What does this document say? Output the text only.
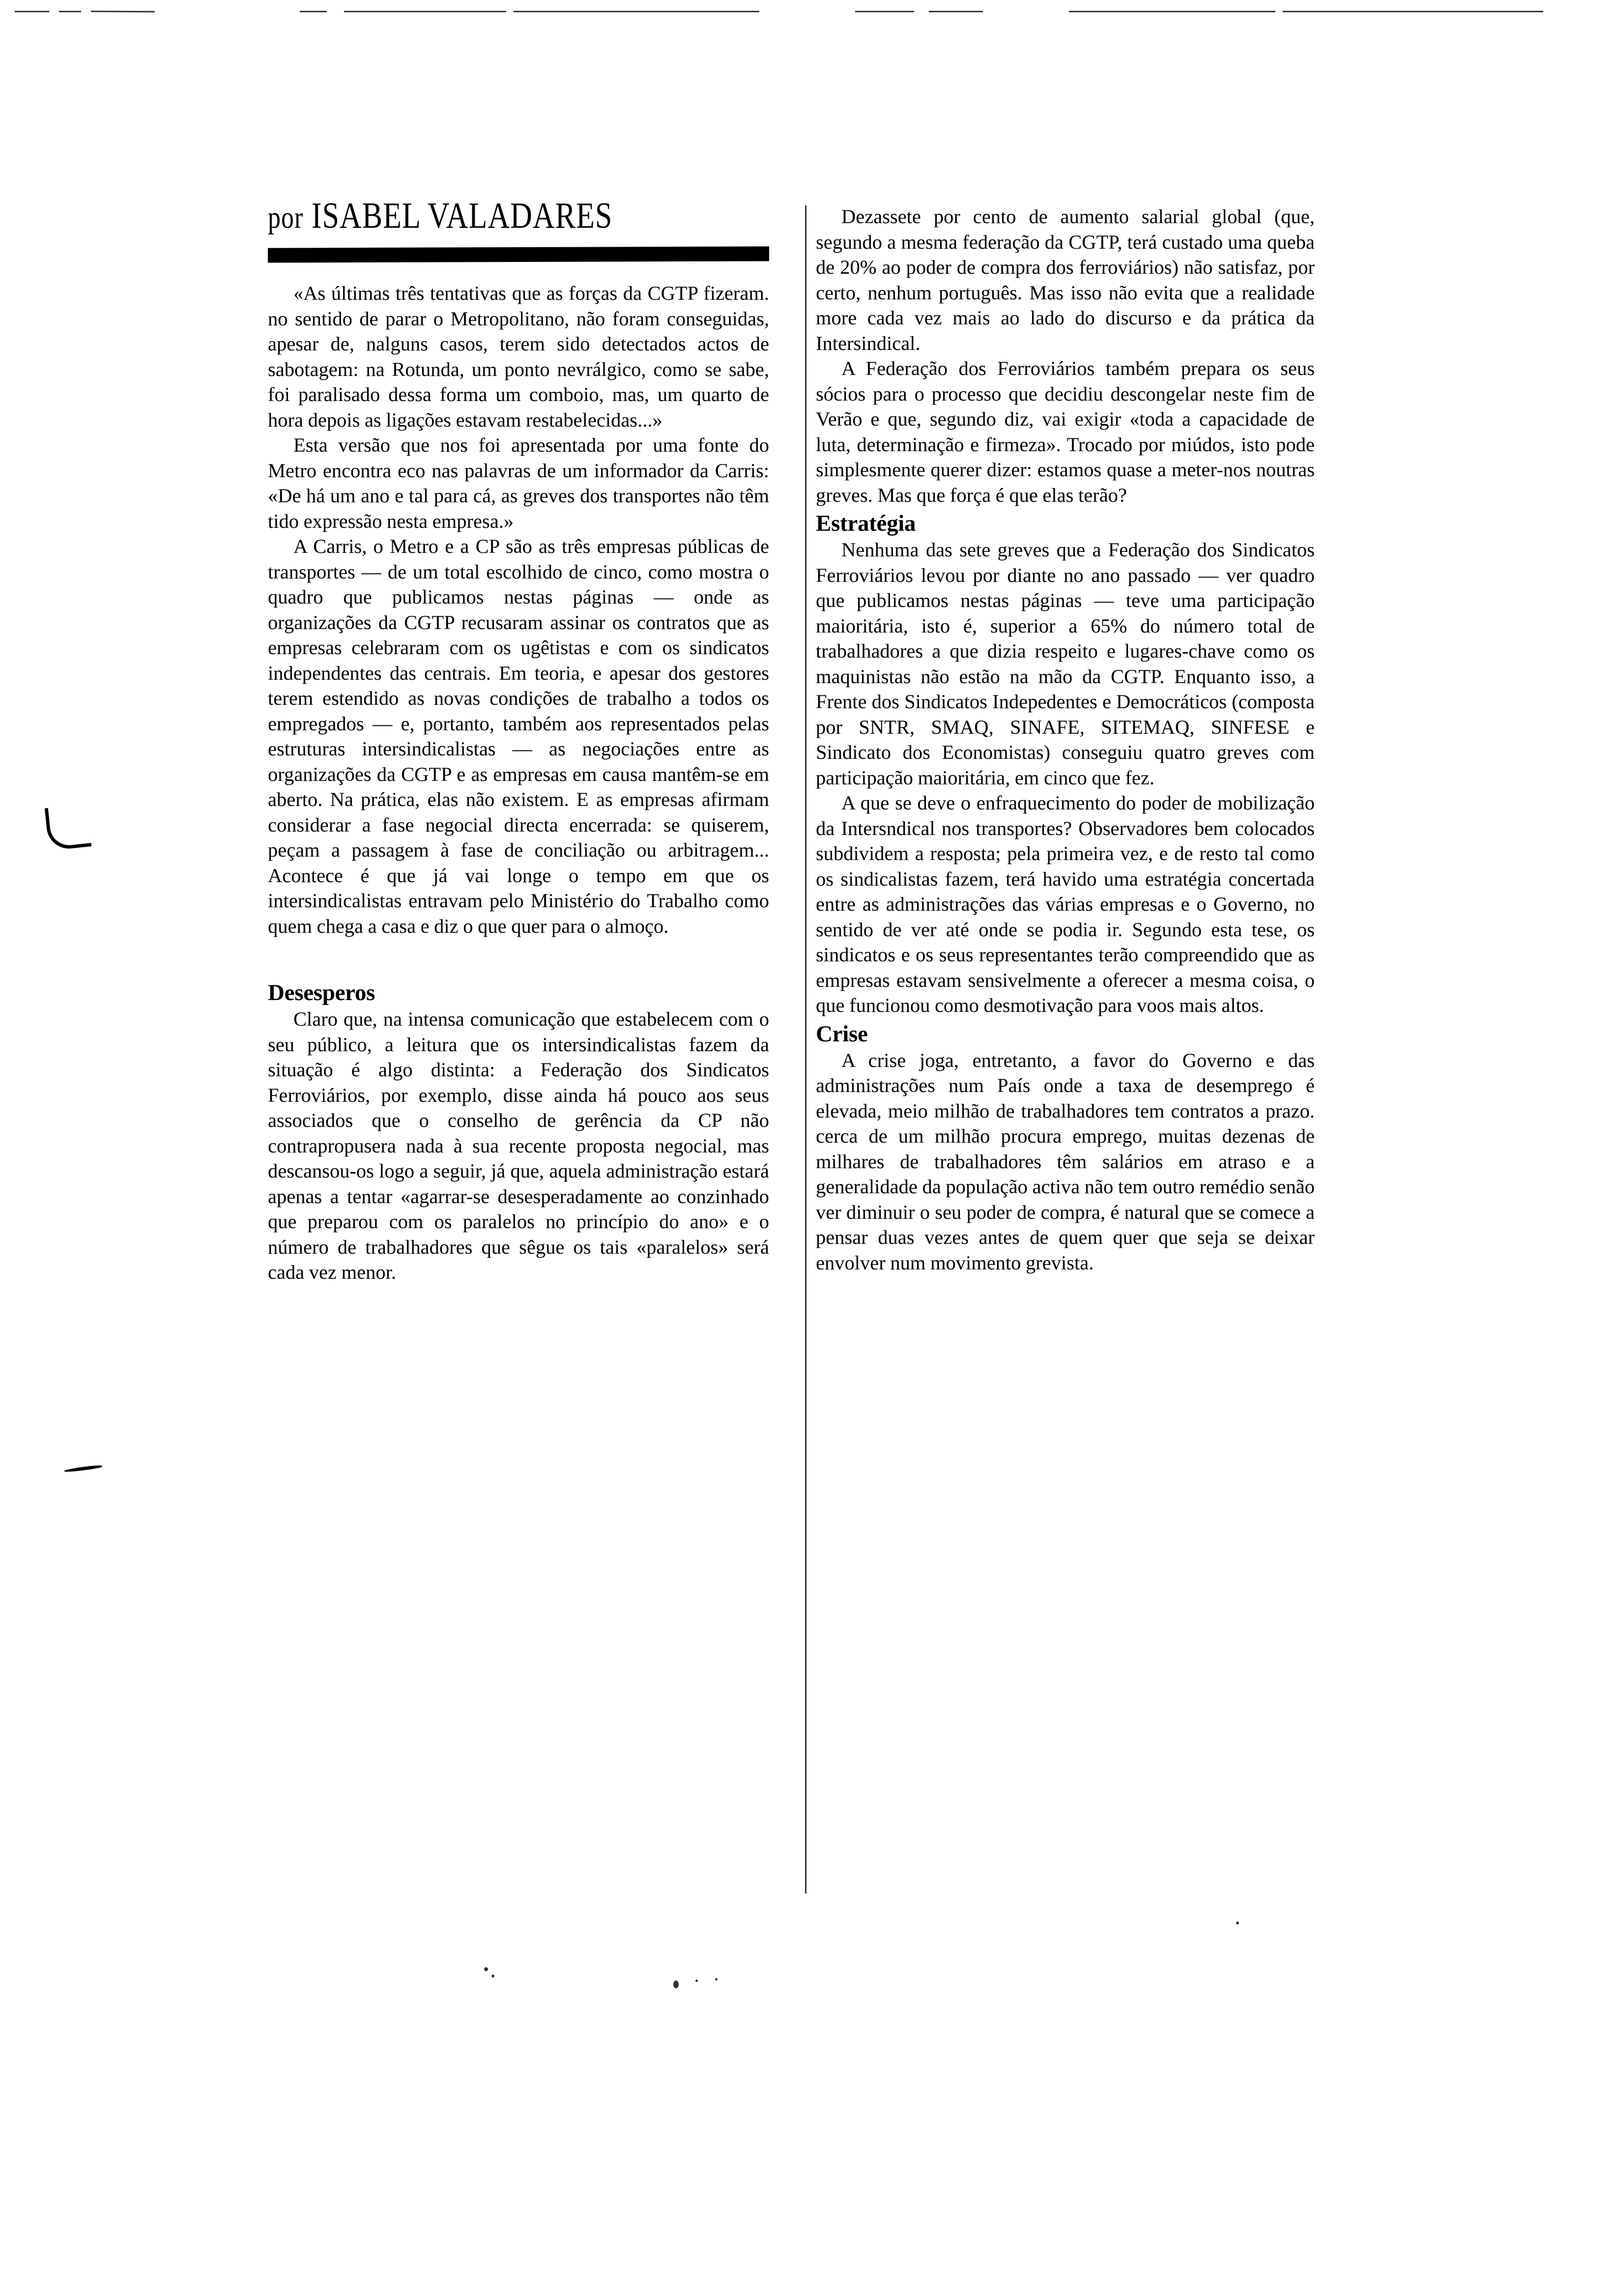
por ISABEL VALADARES

«As últimas três tentativas que as forças da CGTP fizeram. no sentido de parar o Metropolitano, não foram conseguidas, apesar de, nalguns casos, terem sido detectados actos de sabotagem: na Rotunda, um ponto nevrálgico, como se sabe, foi paralisado dessa forma um comboio, mas, um quarto de hora depois as ligações estavam restabelecidas...»

Esta versão que nos foi apresentada por uma fonte do Metro encontra eco nas palavras de um informador da Carris: «De há um ano e tal para cá, as greves dos transportes não têm tido expressão nesta empresa.»

A Carris, o Metro e a CP são as três empresas públicas de transportes — de um total escolhido de cinco, como mostra o quadro que publicamos nestas páginas — onde as organizações da CGTP recusaram assinar os contratos que as empresas celebraram com os ugêtistas e com os sindicatos independentes das centrais. Em teoria, e apesar dos gestores terem estendido as novas condições de trabalho a todos os empregados — e, portanto, também aos representados pelas estruturas intersindicalistas — as negociações entre as organizações da CGTP e as empresas em causa mantêm-se em aberto. Na prática, elas não existem. E as empresas afirmam considerar a fase negocial directa encerrada: se quiserem, peçam a passagem à fase de conciliação ou arbitragem... Acontece é que já vai longe o tempo em que os intersindicalistas entravam pelo Ministério do Trabalho como quem chega a casa e diz o que quer para o almoço.

Desesperos

Claro que, na intensa comunicação que estabelecem com o seu público, a leitura que os intersindicalistas fazem da situação é algo distinta: a Federação dos Sindicatos Ferroviários, por exemplo, disse ainda há pouco aos seus associados que o conselho de gerência da CP não contrapropusera nada à sua recente proposta negocial, mas descansou-os logo a seguir, já que, aquela administração estará apenas a tentar «agarrar-se desesperadamente ao conzinhado que preparou com os paralelos no princípio do ano» e o número de trabalhadores que sêgue os tais «paralelos» será cada vez menor.

Dezassete por cento de aumento salarial global (que, segundo a mesma federação da CGTP, terá custado uma queba de 20% ao poder de compra dos ferroviários) não satisfaz, por certo, nenhum português. Mas isso não evita que a realidade more cada vez mais ao lado do discurso e da prática da Intersindical.

A Federação dos Ferroviários também prepara os seus sócios para o processo que decidiu descongelar neste fim de Verão e que, segundo diz, vai exigir «toda a capacidade de luta, determinação e firmeza». Trocado por miúdos, isto pode simplesmente querer dizer: estamos quase a meter-nos noutras greves. Mas que força é que elas terão?

Estratégia

Nenhuma das sete greves que a Federação dos Sindicatos Ferroviários levou por diante no ano passado — ver quadro que publicamos nestas páginas — teve uma participação maioritária, isto é, superior a 65% do número total de trabalhadores a que dizia respeito e lugares-chave como os maquinistas não estão na mão da CGTP. Enquanto isso, a Frente dos Sindicatos Indepedentes e Democráticos (composta por SNTR, SMAQ, SINAFE, SITEMAQ, SINFESE e Sindicato dos Economistas) conseguiu quatro greves com participação maioritária, em cinco que fez.

A que se deve o enfraquecimento do poder de mobilização da Intersndical nos transportes? Observadores bem colocados subdividem a resposta; pela primeira vez, e de resto tal como os sindicalistas fazem, terá havido uma estratégia concertada entre as administrações das várias empresas e o Governo, no sentido de ver até onde se podia ir. Segundo esta tese, os sindicatos e os seus representantes terão compreendido que as empresas estavam sensivelmente a oferecer a mesma coisa, o que funcionou como desmotivação para voos mais altos.

Crise

A crise joga, entretanto, a favor do Governo e das administrações num País onde a taxa de desemprego é elevada, meio milhão de trabalhadores tem contratos a prazo. cerca de um milhão procura emprego, muitas dezenas de milhares de trabalhadores têm salários em atraso e a generalidade da população activa não tem outro remédio senão ver diminuir o seu poder de compra, é natural que se comece a pensar duas vezes antes de quem quer que seja se deixar envolver num movimento grevista.
